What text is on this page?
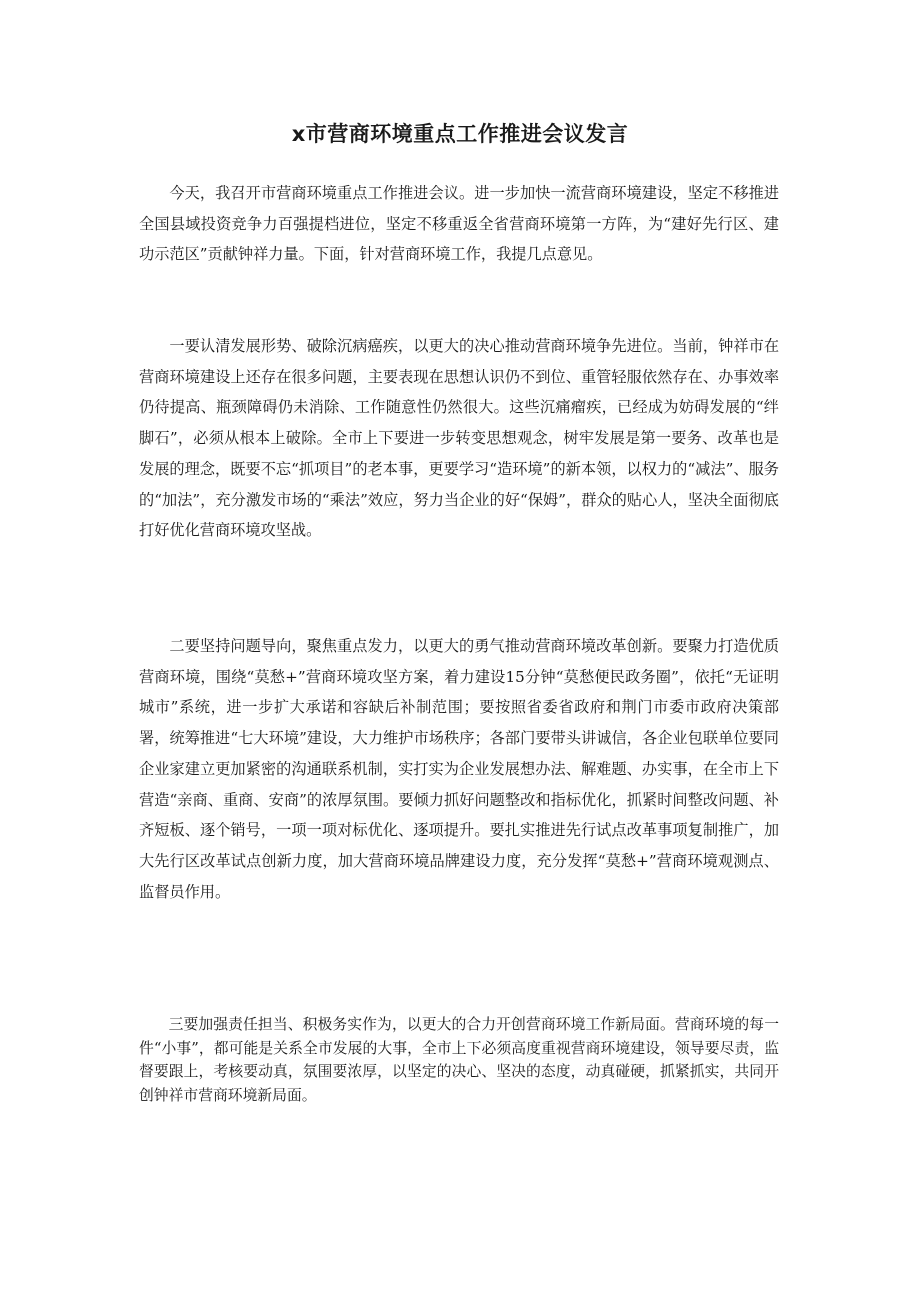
x市营商环境重点工作推进会议发言

今天，我召开市营商环境重点工作推进会议。进一步加快一流营商环境建设，坚定不移推进全国县域投资竞争力百强提档进位，坚定不移重返全省营商环境第一方阵，为“建好先行区、建功示范区”贡献钟祥力量。下面，针对营商环境工作，我提几点意见。

一要认清发展形势、破除沉病癌疾，以更大的决心推动营商环境争先进位。当前，钟祥市在营商环境建设上还存在很多问题，主要表现在思想认识仍不到位、重管轻服依然存在、办事效率仍待提高、瓶颈障碍仍未消除、工作随意性仍然很大。这些沉痛瘤疾，已经成为妨碍发展的“绊脚石”，必须从根本上破除。全市上下要进一步转变思想观念，树牢发展是第一要务、改革也是发展的理念，既要不忘“抓项目”的老本事，更要学习“造环境”的新本领，以权力的“减法”、服务的“加法”，充分激发市场的“乘法”效应，努力当企业的好“保姆”，群众的贴心人，坚决全面彻底打好优化营商环境攻坚战。

二要坚持问题导向，聚焦重点发力，以更大的勇气推动营商环境改革创新。要聚力打造优质营商环境，围绕“莫愁+”营商环境攻坚方案，着力建设15分钟“莫愁便民政务圈”，依托“无证明城市”系统，进一步扩大承诺和容缺后补制范围；要按照省委省政府和荆门市委市政府决策部署，统筹推进“七大环境”建设，大力维护市场秩序；各部门要带头讲诚信，各企业包联单位要同企业家建立更加紧密的沟通联系机制，实打实为企业发展想办法、解难题、办实事，在全市上下营造“亲商、重商、安商”的浓厚氛围。要倾力抓好问题整改和指标优化，抓紧时间整改问题、补齐短板、逐个销号，一项一项对标优化、逐项提升。要扎实推进先行试点改革事项复制推广，加大先行区改革试点创新力度，加大营商环境品牌建设力度，充分发挥“莫愁+”营商环境观测点、监督员作用。

三要加强责任担当、积极务实作为，以更大的合力开创营商环境工作新局面。营商环境的每一件“小事”，都可能是关系全市发展的大事，全市上下必须高度重视营商环境建设，领导要尽责，监督要跟上，考核要动真，氛围要浓厚，以坚定的决心、坚决的态度，动真碰硬，抓紧抓实，共同开创钟祥市营商环境新局面。
